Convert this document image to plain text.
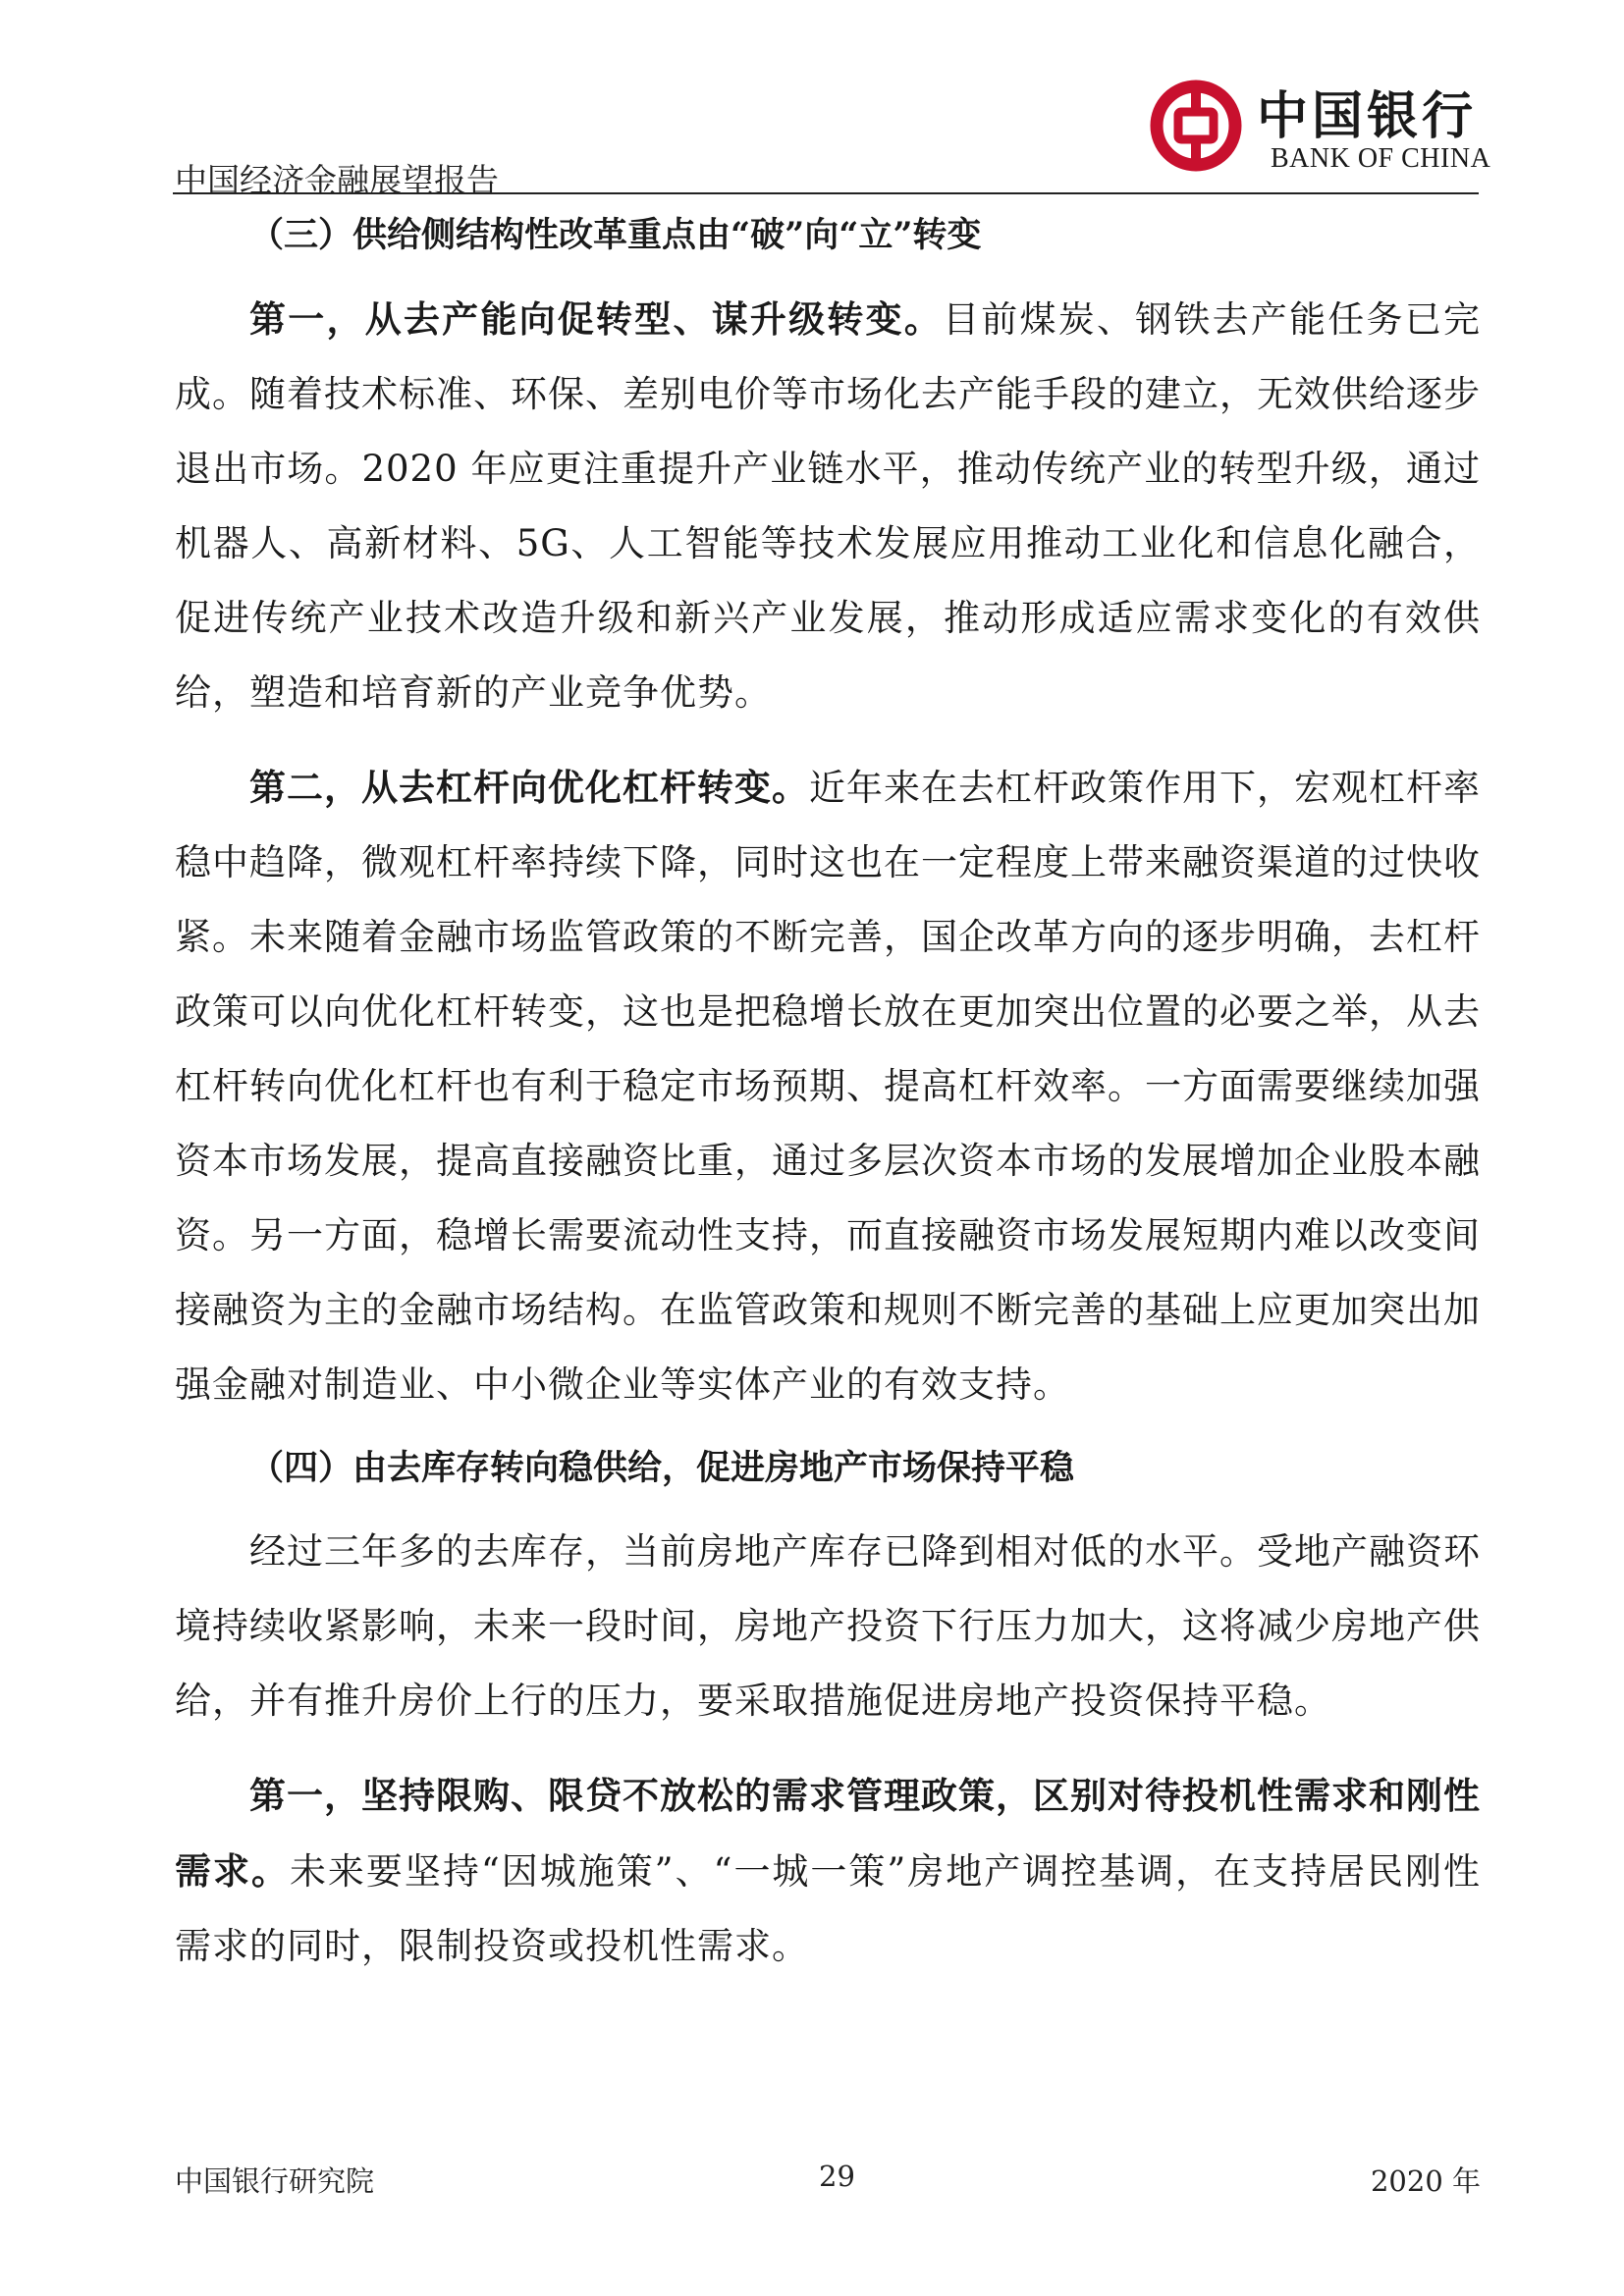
中国银行
BANK OF CHINA
中国经济金融展望报告

（三）供给侧结构性改革重点由“破”向“立”转变

第一，从去产能向促转型、谋升级转变。目前煤炭、钢铁去产能任务已完成。随着技术标准、环保、差别电价等市场化去产能手段的建立，无效供给逐步退出市场。2020 年应更注重提升产业链水平，推动传统产业的转型升级，通过机器人、高新材料、5G、人工智能等技术发展应用推动工业化和信息化融合，促进传统产业技术改造升级和新兴产业发展，推动形成适应需求变化的有效供给，塑造和培育新的产业竞争优势。

第二，从去杠杆向优化杠杆转变。近年来在去杠杆政策作用下，宏观杠杆率稳中趋降，微观杠杆率持续下降，同时这也在一定程度上带来融资渠道的过快收紧。未来随着金融市场监管政策的不断完善，国企改革方向的逐步明确，去杠杆政策可以向优化杠杆转变，这也是把稳增长放在更加突出位置的必要之举，从去杠杆转向优化杠杆也有利于稳定市场预期、提高杠杆效率。一方面需要继续加强资本市场发展，提高直接融资比重，通过多层次资本市场的发展增加企业股本融资。另一方面，稳增长需要流动性支持，而直接融资市场发展短期内难以改变间接融资为主的金融市场结构。在监管政策和规则不断完善的基础上应更加突出加强金融对制造业、中小微企业等实体产业的有效支持。

（四）由去库存转向稳供给，促进房地产市场保持平稳

经过三年多的去库存，当前房地产库存已降到相对低的水平。受地产融资环境持续收紧影响，未来一段时间，房地产投资下行压力加大，这将减少房地产供给，并有推升房价上行的压力，要采取措施促进房地产投资保持平稳。

第一，坚持限购、限贷不放松的需求管理政策，区别对待投机性需求和刚性需求。未来要坚持“因城施策”、“一城一策”房地产调控基调，在支持居民刚性需求的同时，限制投资或投机性需求。

中国银行研究院	29	2020 年
